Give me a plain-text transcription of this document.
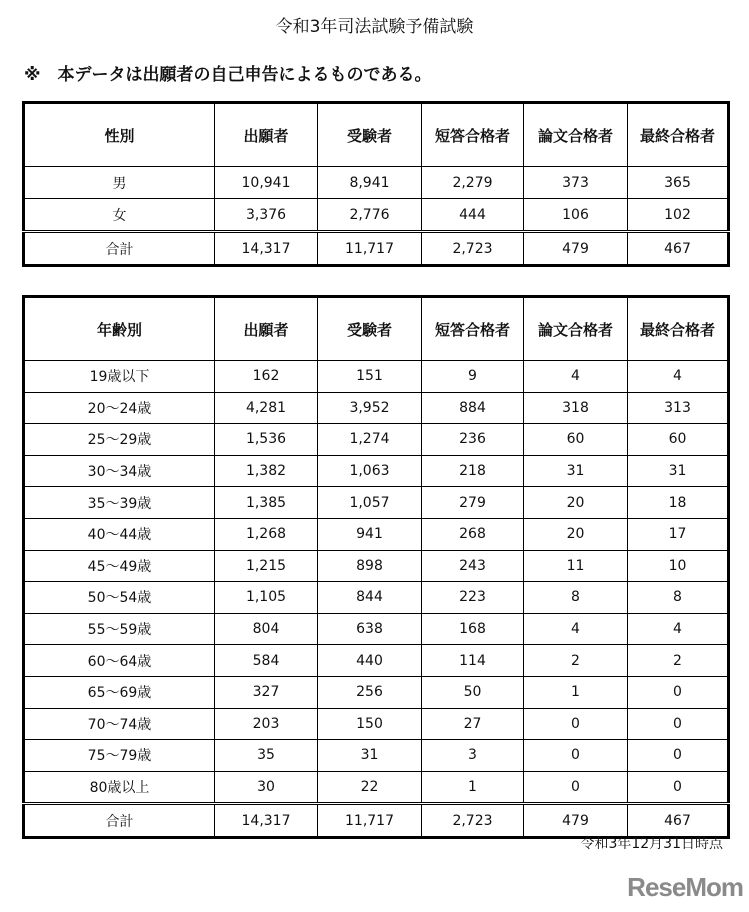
令和3年司法試験予備試験
※　本データは出願者の自己申告によるものである。
性別	出願者	受験者	短答合格者	論文合格者	最終合格者
男	10,941	8,941	2,279	373	365
女	3,376	2,776	444	106	102
合計	14,317	11,717	2,723	479	467
年齢別	出願者	受験者	短答合格者	論文合格者	最終合格者
19歳以下	162	151	9	4	4
20～24歳	4,281	3,952	884	318	313
25～29歳	1,536	1,274	236	60	60
30～34歳	1,382	1,063	218	31	31
35～39歳	1,385	1,057	279	20	18
40～44歳	1,268	941	268	20	17
45～49歳	1,215	898	243	11	10
50～54歳	1,105	844	223	8	8
55～59歳	804	638	168	4	4
60～64歳	584	440	114	2	2
65～69歳	327	256	50	1	0
70～74歳	203	150	27	0	0
75～79歳	35	31	3	0	0
80歳以上	30	22	1	0	0
合計	14,317	11,717	2,723	479	467
令和3年12月31日時点
ReseMom
